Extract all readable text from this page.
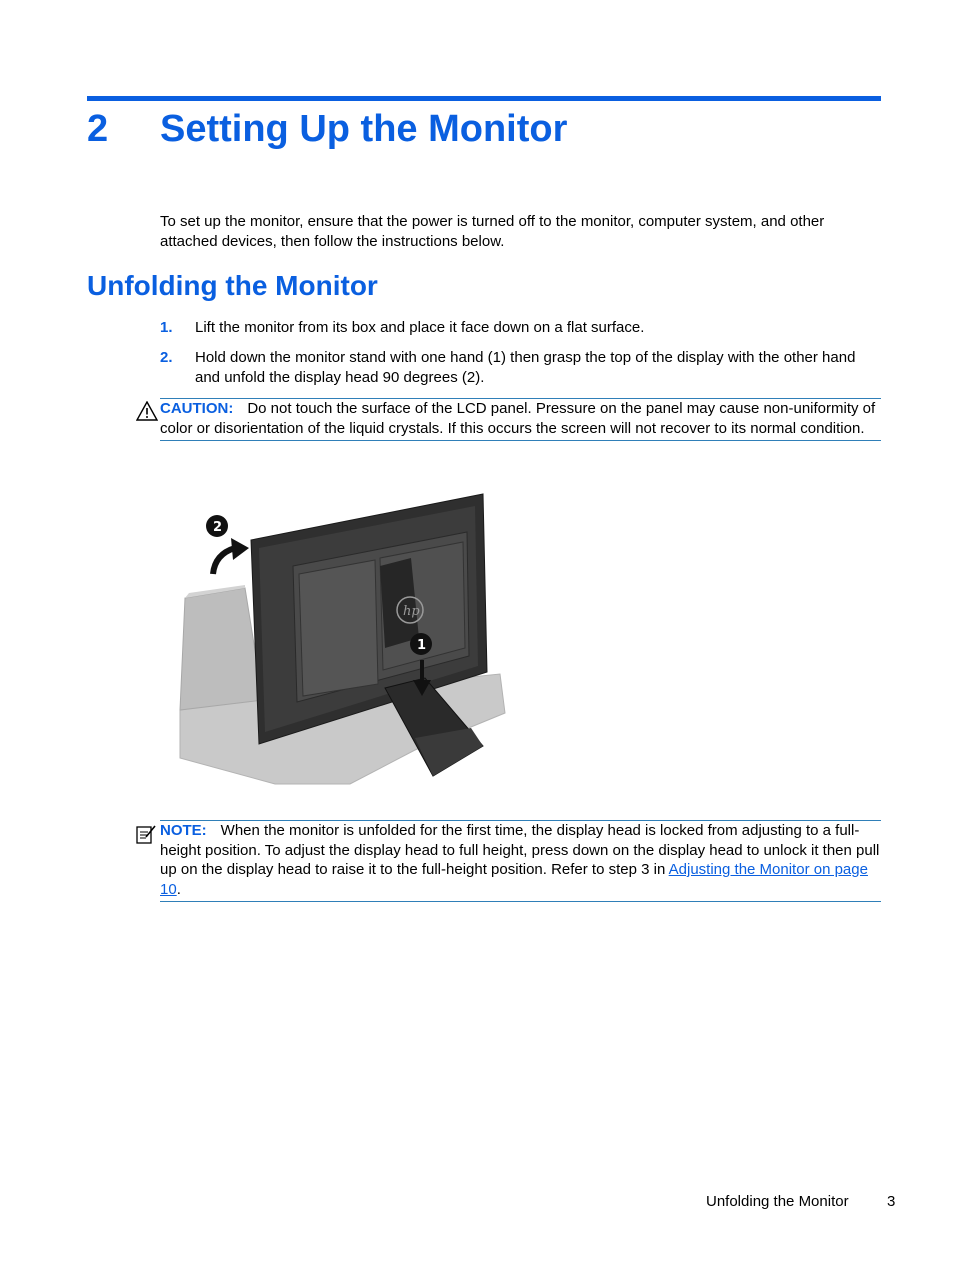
2 Setting Up the Monitor

To set up the monitor, ensure that the power is turned off to the monitor, computer system, and other attached devices, then follow the instructions below.

Unfolding the Monitor
1. Lift the monitor from its box and place it face down on a flat surface.
2. Hold down the monitor stand with one hand (1) then grasp the top of the display with the other hand and unfold the display head 90 degrees (2).
CAUTION: Do not touch the surface of the LCD panel. Pressure on the panel may cause non-uniformity of color or disorientation of the liquid crystals. If this occurs the screen will not recover to its normal condition.
hp
1
2
NOTE: When the monitor is unfolded for the first time, the display head is locked from adjusting to a full-height position. To adjust the display head to full height, press down on the display head to unlock it then pull up on the display head to raise it to the full-height position. Refer to step 3 in Adjusting the Monitor on page 10.
Unfolding the Monitor	3
